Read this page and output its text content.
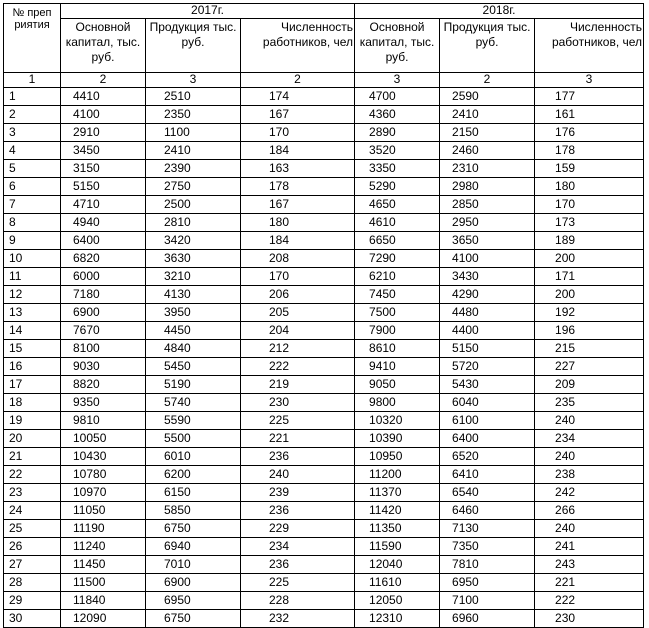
№ преп риятия	2017г.			2018г.		
	Основной капитал, тыс. руб.	Продукция тыс. руб.	Численность работников, чел	Основной капитал, тыс. руб.	Продукция тыс. руб.	Численность работников, чел
1	2	3	2	3	2	3
1	4410	2510	174	4700	2590	177
2	4100	2350	167	4360	2410	161
3	2910	1100	170	2890	2150	176
4	3450	2410	184	3520	2460	178
5	3150	2390	163	3350	2310	159
6	5150	2750	178	5290	2980	180
7	4710	2500	167	4650	2850	170
8	4940	2810	180	4610	2950	173
9	6400	3420	184	6650	3650	189
10	6820	3630	208	7290	4100	200
11	6000	3210	170	6210	3430	171
12	7180	4130	206	7450	4290	200
13	6900	3950	205	7500	4480	192
14	7670	4450	204	7900	4400	196
15	8100	4840	212	8610	5150	215
16	9030	5450	222	9410	5720	227
17	8820	5190	219	9050	5430	209
18	9350	5740	230	9800	6040	235
19	9810	5590	225	10320	6100	240
20	10050	5500	221	10390	6400	234
21	10430	6010	236	10950	6520	240
22	10780	6200	240	11200	6410	238
23	10970	6150	239	11370	6540	242
24	11050	5850	236	11420	6460	266
25	11190	6750	229	11350	7130	240
26	11240	6940	234	11590	7350	241
27	11450	7010	236	12040	7810	243
28	11500	6900	225	11610	6950	221
29	11840	6950	228	12050	7100	222
30	12090	6750	232	12310	6960	230
